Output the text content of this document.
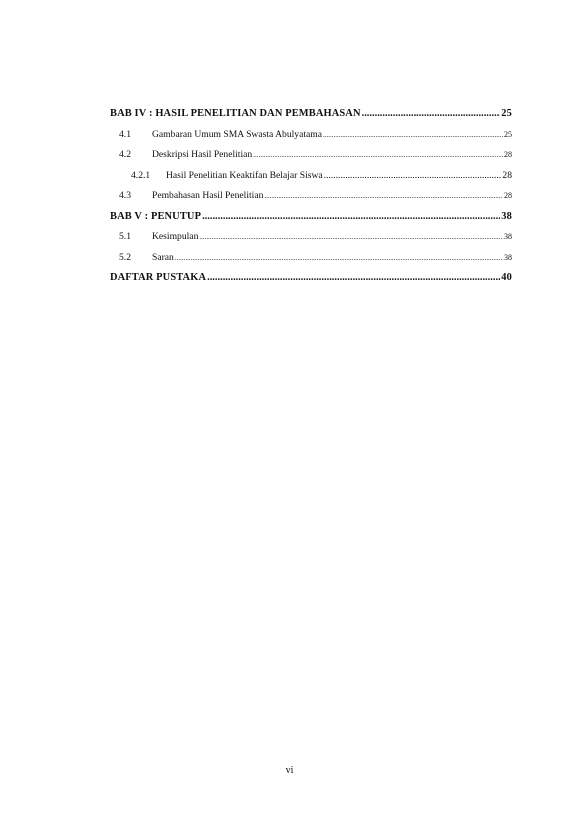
BAB IV : HASIL PENELITIAN DAN PEMBAHASAN .....	25
4.1	Gambaran Umum SMA Swasta Abulyatama .....	25
4.2	Deskripsi Hasil Penelitian .....	28
4.2.1	Hasil Penelitian Keaktifan Belajar Siswa .....	28
4.3	Pembahasan Hasil Penelitian .....	28
BAB V : PENUTUP .....	38
5.1	Kesimpulan .....	38
5.2	Saran .....	38
DAFTAR PUSTAKA .....	40
vi
